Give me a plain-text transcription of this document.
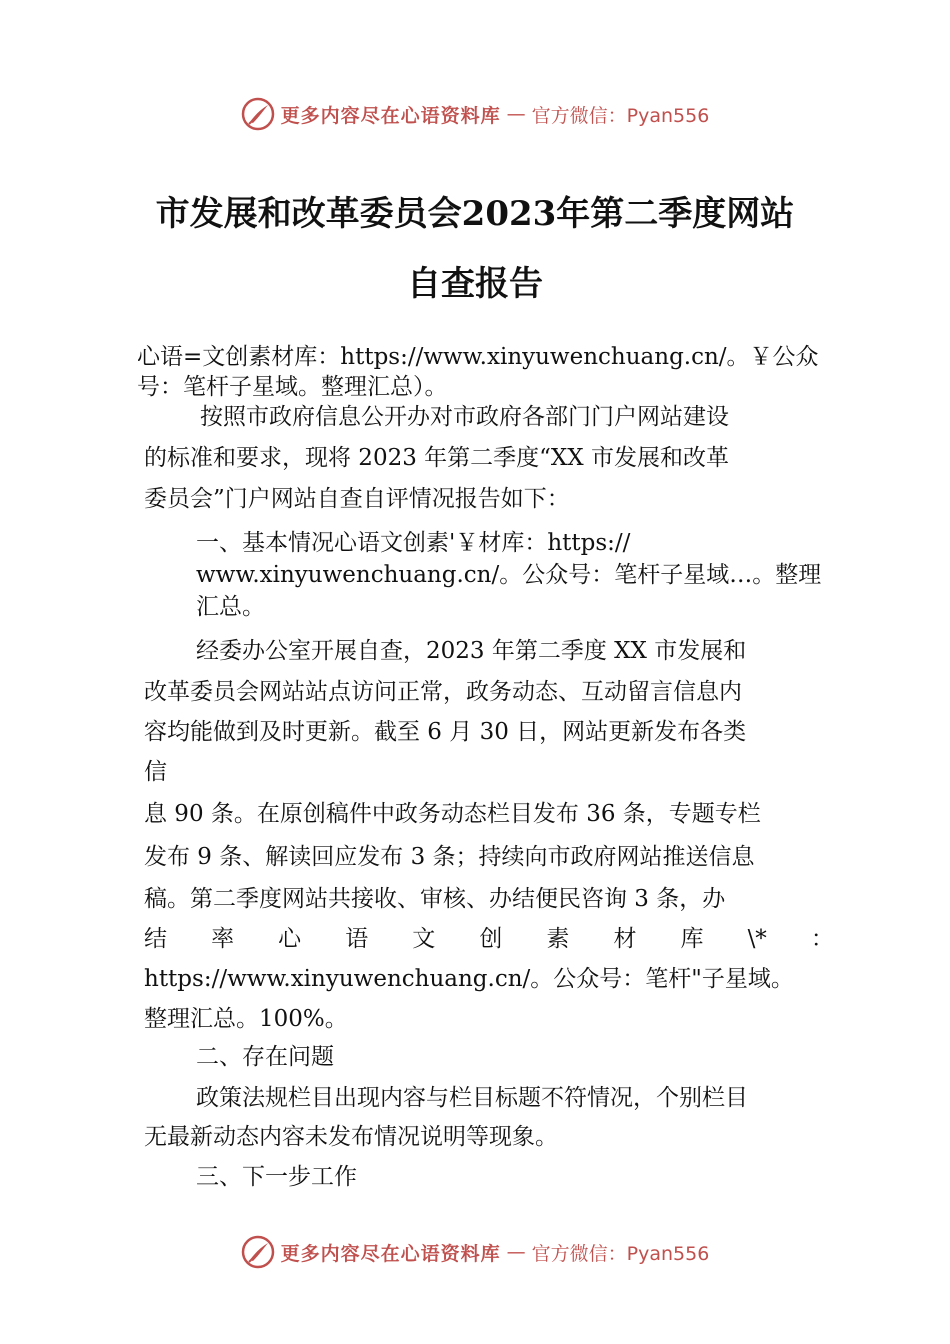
更多内容尽在心语资料库 — 官方微信：Pyan556
市发展和改革委员会2023年第二季度网站
自查报告
心语=文创素材库：https://www.xinyuwenchuang.cn/。￥公众
号：笔杆子星域。整理汇总）。
按照市政府信息公开办对市政府各部门门户网站建设
的标准和要求，现将 2023 年第二季度“XX 市发展和改革
委员会”门户网站自查自评情况报告如下：
一、基本情况心语文创素'￥材库：https://
www.xinyuwenchuang.cn/。公众号：笔杆子星域…。整理
汇总。
经委办公室开展自查，2023 年第二季度 XX 市发展和
改革委员会网站站点访问正常，政务动态、互动留言信息内
容均能做到及时更新。截至 6 月 30 日，网站更新发布各类
信
息 90 条。在原创稿件中政务动态栏目发布 36 条，专题专栏
发布 9 条、解读回应发布 3 条；持续向市政府网站推送信息
稿。第二季度网站共接收、审核、办结便民咨询 3 条，办
结 率 心 语 文 创 素 材 库 \* ：
https://www.xinyuwenchuang.cn/。公众号：笔杆"子星域。
整理汇总。100%。
二、存在问题
政策法规栏目出现内容与栏目标题不符情况，个别栏目
无最新动态内容未发布情况说明等现象。
三、下一步工作
更多内容尽在心语资料库 — 官方微信：Pyan556
